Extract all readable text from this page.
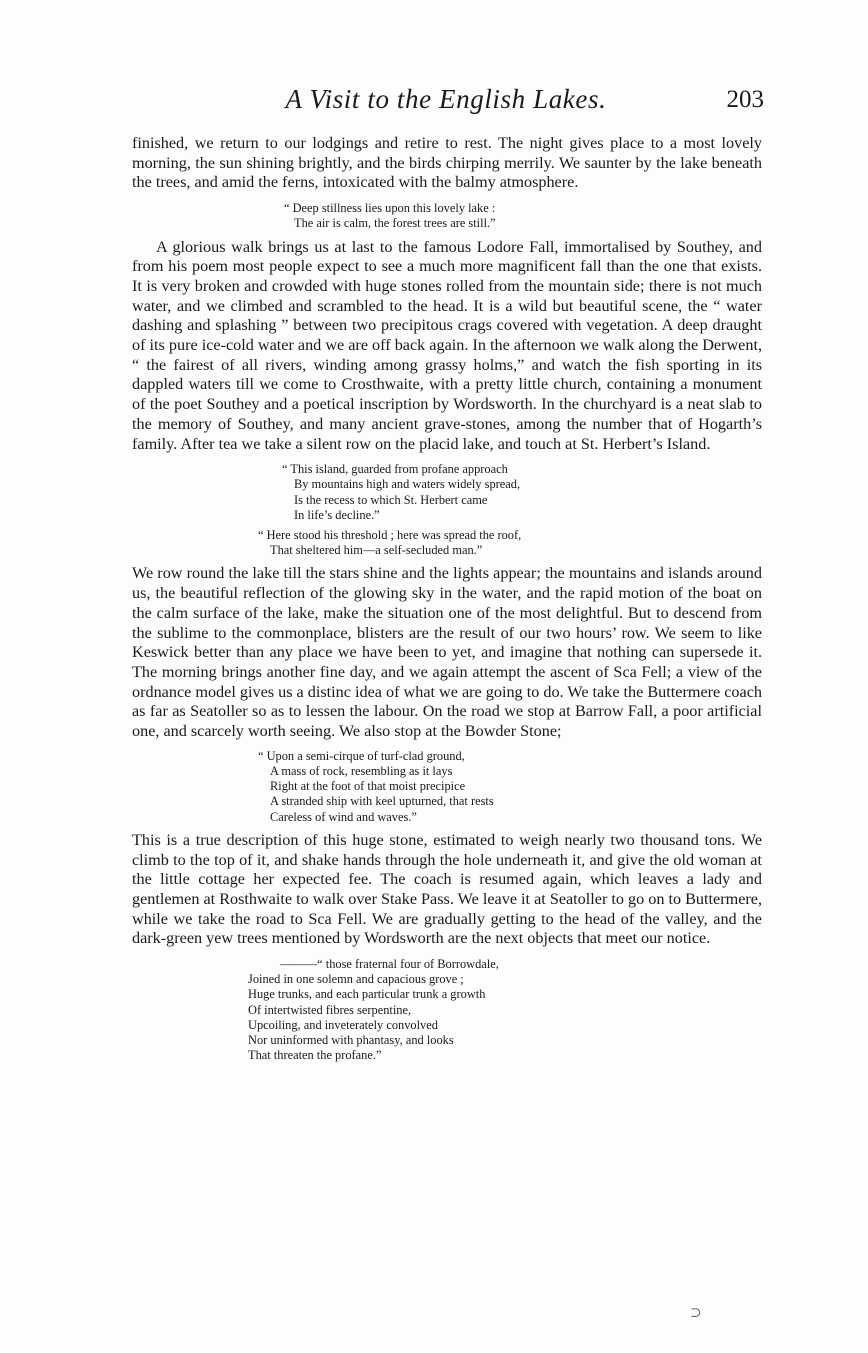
A Visit to the English Lakes.	203

finished, we return to our lodgings and retire to rest. The night gives place to a most lovely morning, the sun shining brightly, and the birds chirping merrily. We saunter by the lake beneath the trees, and amid the ferns, intoxicated with the balmy atmosphere.

“ Deep stillness lies upon this lovely lake :
The air is calm, the forest trees are still.”

A glorious walk brings us at last to the famous Lodore Fall, immortalised by Southey, and from his poem most people expect to see a much more magnificent fall than the one that exists. It is very broken and crowded with huge stones rolled from the mountain side; there is not much water, and we climbed and scrambled to the head. It is a wild but beautiful scene, the “ water dashing and splashing ” between two precipitous crags covered with vegetation. A deep draught of its pure ice-cold water and we are off back again. In the afternoon we walk along the Derwent, “ the fairest of all rivers, winding among grassy holms,” and watch the fish sporting in its dappled waters till we come to Crosthwaite, with a pretty little church, containing a monument of the poet Southey and a poetical inscription by Wordsworth. In the churchyard is a neat slab to the memory of Southey, and many ancient grave-stones, among the number that of Hogarth’s family. After tea we take a silent row on the placid lake, and touch at St. Herbert’s Island.

“ This island, guarded from profane approach
By mountains high and waters widely spread,
Is the recess to which St. Herbert came
In life’s decline.”
“ Here stood his threshold ; here was spread the roof,
That sheltered him—a self-secluded man.”

We row round the lake till the stars shine and the lights appear; the mountains and islands around us, the beautiful reflection of the glowing sky in the water, and the rapid motion of the boat on the calm surface of the lake, make the situation one of the most delightful. But to descend from the sublime to the commonplace, blisters are the result of our two hours’ row. We seem to like Keswick better than any place we have been to yet, and imagine that nothing can supersede it. The morning brings another fine day, and we again attempt the ascent of Sca Fell; a view of the ordnance model gives us a distinc idea of what we are going to do. We take the Buttermere coach as far as Seatoller so as to lessen the labour. On the road we stop at Barrow Fall, a poor artificial one, and scarcely worth seeing. We also stop at the Bowder Stone;

“ Upon a semi-cirque of turf-clad ground,
A mass of rock, resembling as it lays
Right at the foot of that moist precipice
A stranded ship with keel upturned, that rests
Careless of wind and waves.”

This is a true description of this huge stone, estimated to weigh nearly two thousand tons. We climb to the top of it, and shake hands through the hole underneath it, and give the old woman at the little cottage her expected fee. The coach is resumed again, which leaves a lady and gentlemen at Rosthwaite to walk over Stake Pass. We leave it at Seatoller to go on to Buttermere, while we take the road to Sca Fell. We are gradually getting to the head of the valley, and the dark-green yew trees mentioned by Wordsworth are the next objects that meet our notice.

———“ those fraternal four of Borrowdale,
Joined in one solemn and capacious grove ;
Huge trunks, and each particular trunk a growth
Of intertwisted fibres serpentine,
Upcoiling, and inveterately convolved
Nor uninformed with phantasy, and looks
That threaten the profane.”
⊃
